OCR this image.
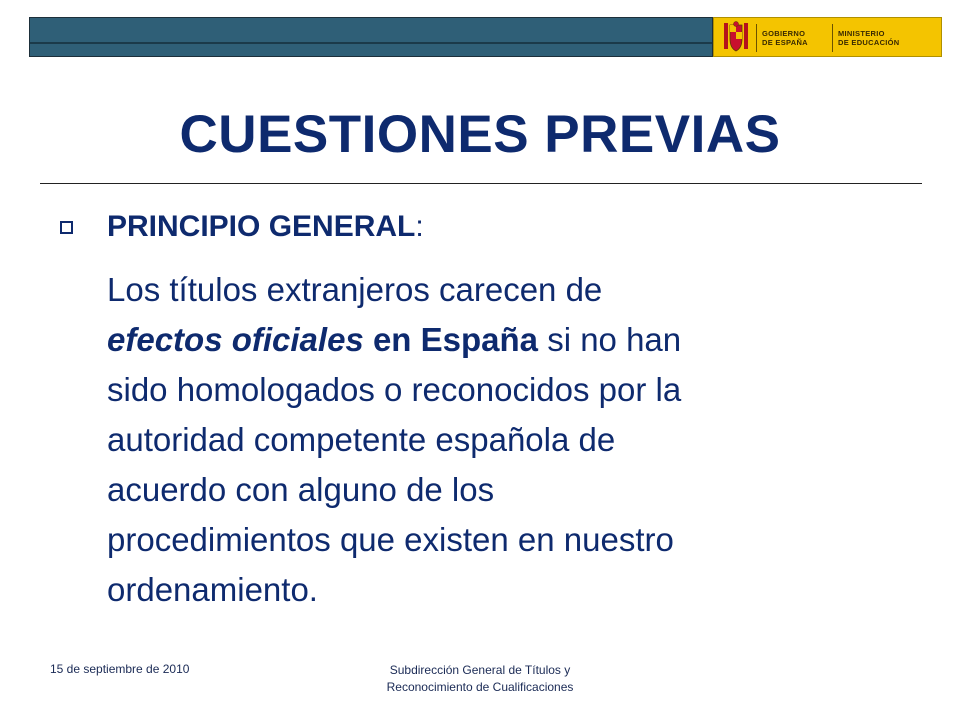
GOBIERNO
DE ESPAÑA
MINISTERIO
DE EDUCACIÓN
CUESTIONES PREVIAS
PRINCIPIO GENERAL:
Los títulos extranjeros carecen de
efectos oficiales en España si no han
sido homologados o reconocidos por la
autoridad competente española de
acuerdo con alguno de los
procedimientos que existen en nuestro
ordenamiento.
15 de septiembre de 2010	Subdirección General de Títulos y
Reconocimiento de Cualificaciones
